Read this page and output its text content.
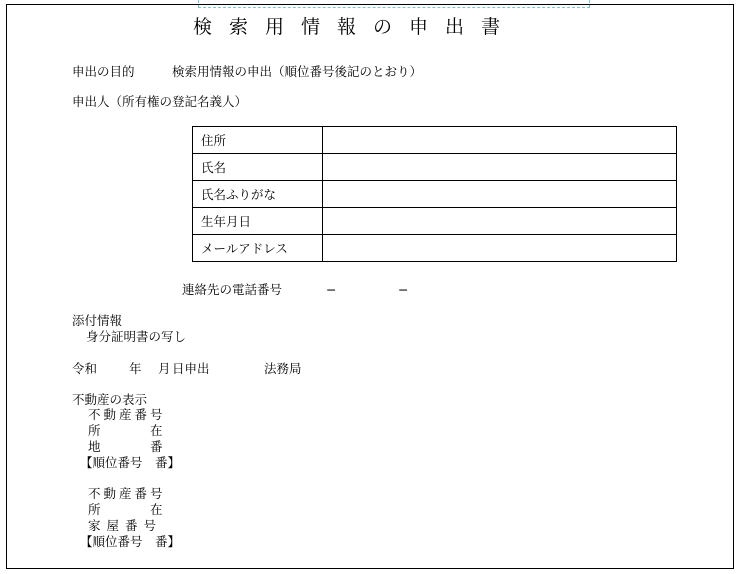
検索用情報の申出書
申出の目的	検索用情報の申出（順位番号後記のとおり）
申出人（所有権の登記名義人）
住所	
氏名	
氏名ふりがな	
生年月日	
メールアドレス	
連絡先の電話番号	−	−
添付情報
身分証明書の写し
令和	年 月 日申出	法務局
不動産の表示
不動産番号
所	在
地	番
【順位番号　番】
不動産番号
所	在
家屋番号
【順位番号　番】
